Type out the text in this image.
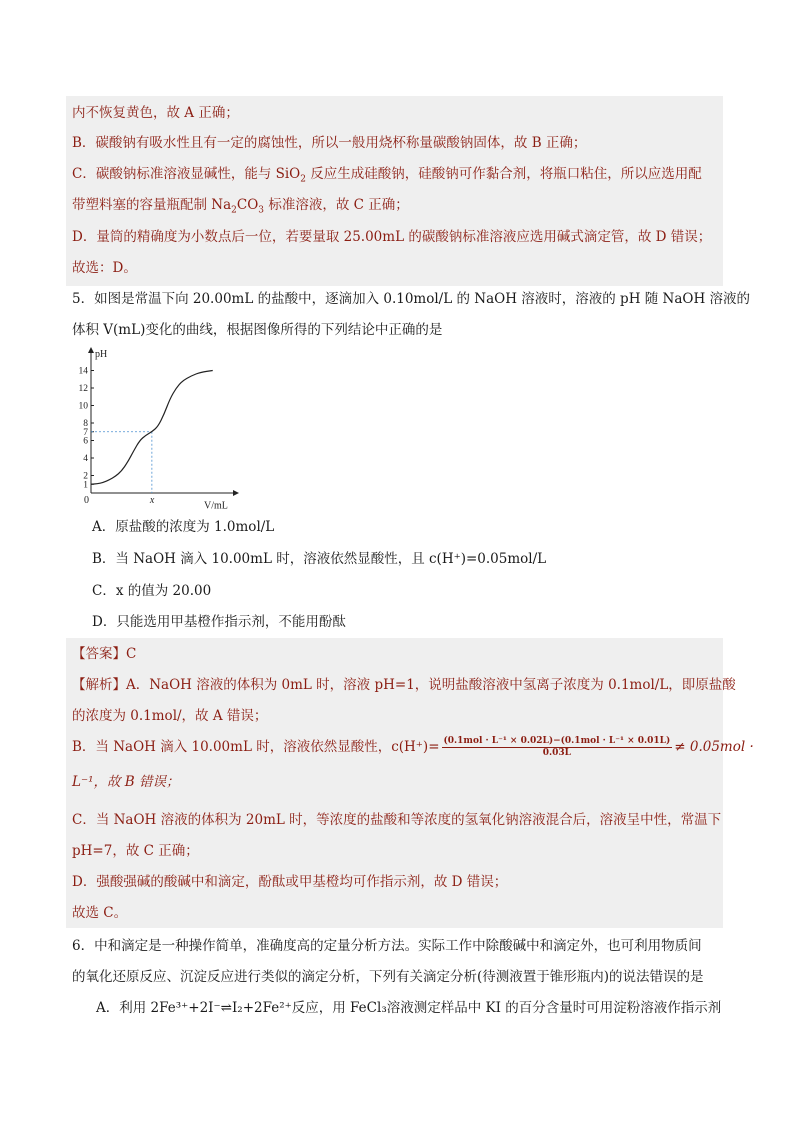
内不恢复黄色，故 A 正确；
B．碳酸钠有吸水性且有一定的腐蚀性，所以一般用烧杯称量碳酸钠固体，故 B 正确；
C．碳酸钠标准溶液显碱性，能与 SiO$_2$ 反应生成硅酸钠，硅酸钠可作黏合剂，将瓶口粘住，所以应选用配
带塑料塞的容量瓶配制 $Na_2CO_3$ 标准溶液，故 C 正确；
D．量筒的精确度为小数点后一位，若要量取 25.00mL 的碳酸钠标准溶液应选用碱式滴定管，故 D 错误；
故选：D。
5．如图是常温下向 20.00mL 的盐酸中，逐滴加入 0.10mol/L 的 NaOH 溶液时，溶液的 pH 随 NaOH 溶液的
体积 V(mL)变化的曲线，根据图像所得的下列结论中正确的是
pH
V/mL
0
1
2
4
6
7
8
10
12
14
x
A．原盐酸的浓度为 1.0mol/L
B．当 NaOH 滴入 10.00mL 时，溶液依然显酸性，且 c(H⁺)=0.05mol/L
C．x 的值为 20.00
D．只能选用甲基橙作指示剂，不能用酚酞
【答案】C
【解析】A．NaOH 溶液的体积为 0mL 时，溶液 pH=1，说明盐酸溶液中氢离子浓度为 0.1mol/L，即原盐酸
的浓度为 0.1mol/，故 A 错误；
B．当 NaOH 滴入 10.00mL 时，溶液依然显酸性，$c(H^+)= \frac{\text{(0.1mol · L⁻¹ × 0.02L)−(0.1mol · L⁻¹ × 0.01L)}}{0.03L} \ne 0.05mol$ ·
L⁻¹，故 B 错误；
C．当 NaOH 溶液的体积为 20mL 时，等浓度的盐酸和等浓度的氢氧化钠溶液混合后，溶液呈中性，常温下
pH=7，故 C 正确；
D．强酸强碱的酸碱中和滴定，酚酞或甲基橙均可作指示剂，故 D 错误；
故选 C。
6．中和滴定是一种操作简单，准确度高的定量分析方法。实际工作中除酸碱中和滴定外，也可利用物质间
的氧化还原反应、沉淀反应进行类似的滴定分析，下列有关滴定分析(待测液置于锥形瓶内)的说法错误的是
A．利用 2Fe³⁺+2I⁻⇌I₂+2Fe²⁺反应，用 FeCl₃溶液测定样品中 KI 的百分含量时可用淀粉溶液作指示剂
